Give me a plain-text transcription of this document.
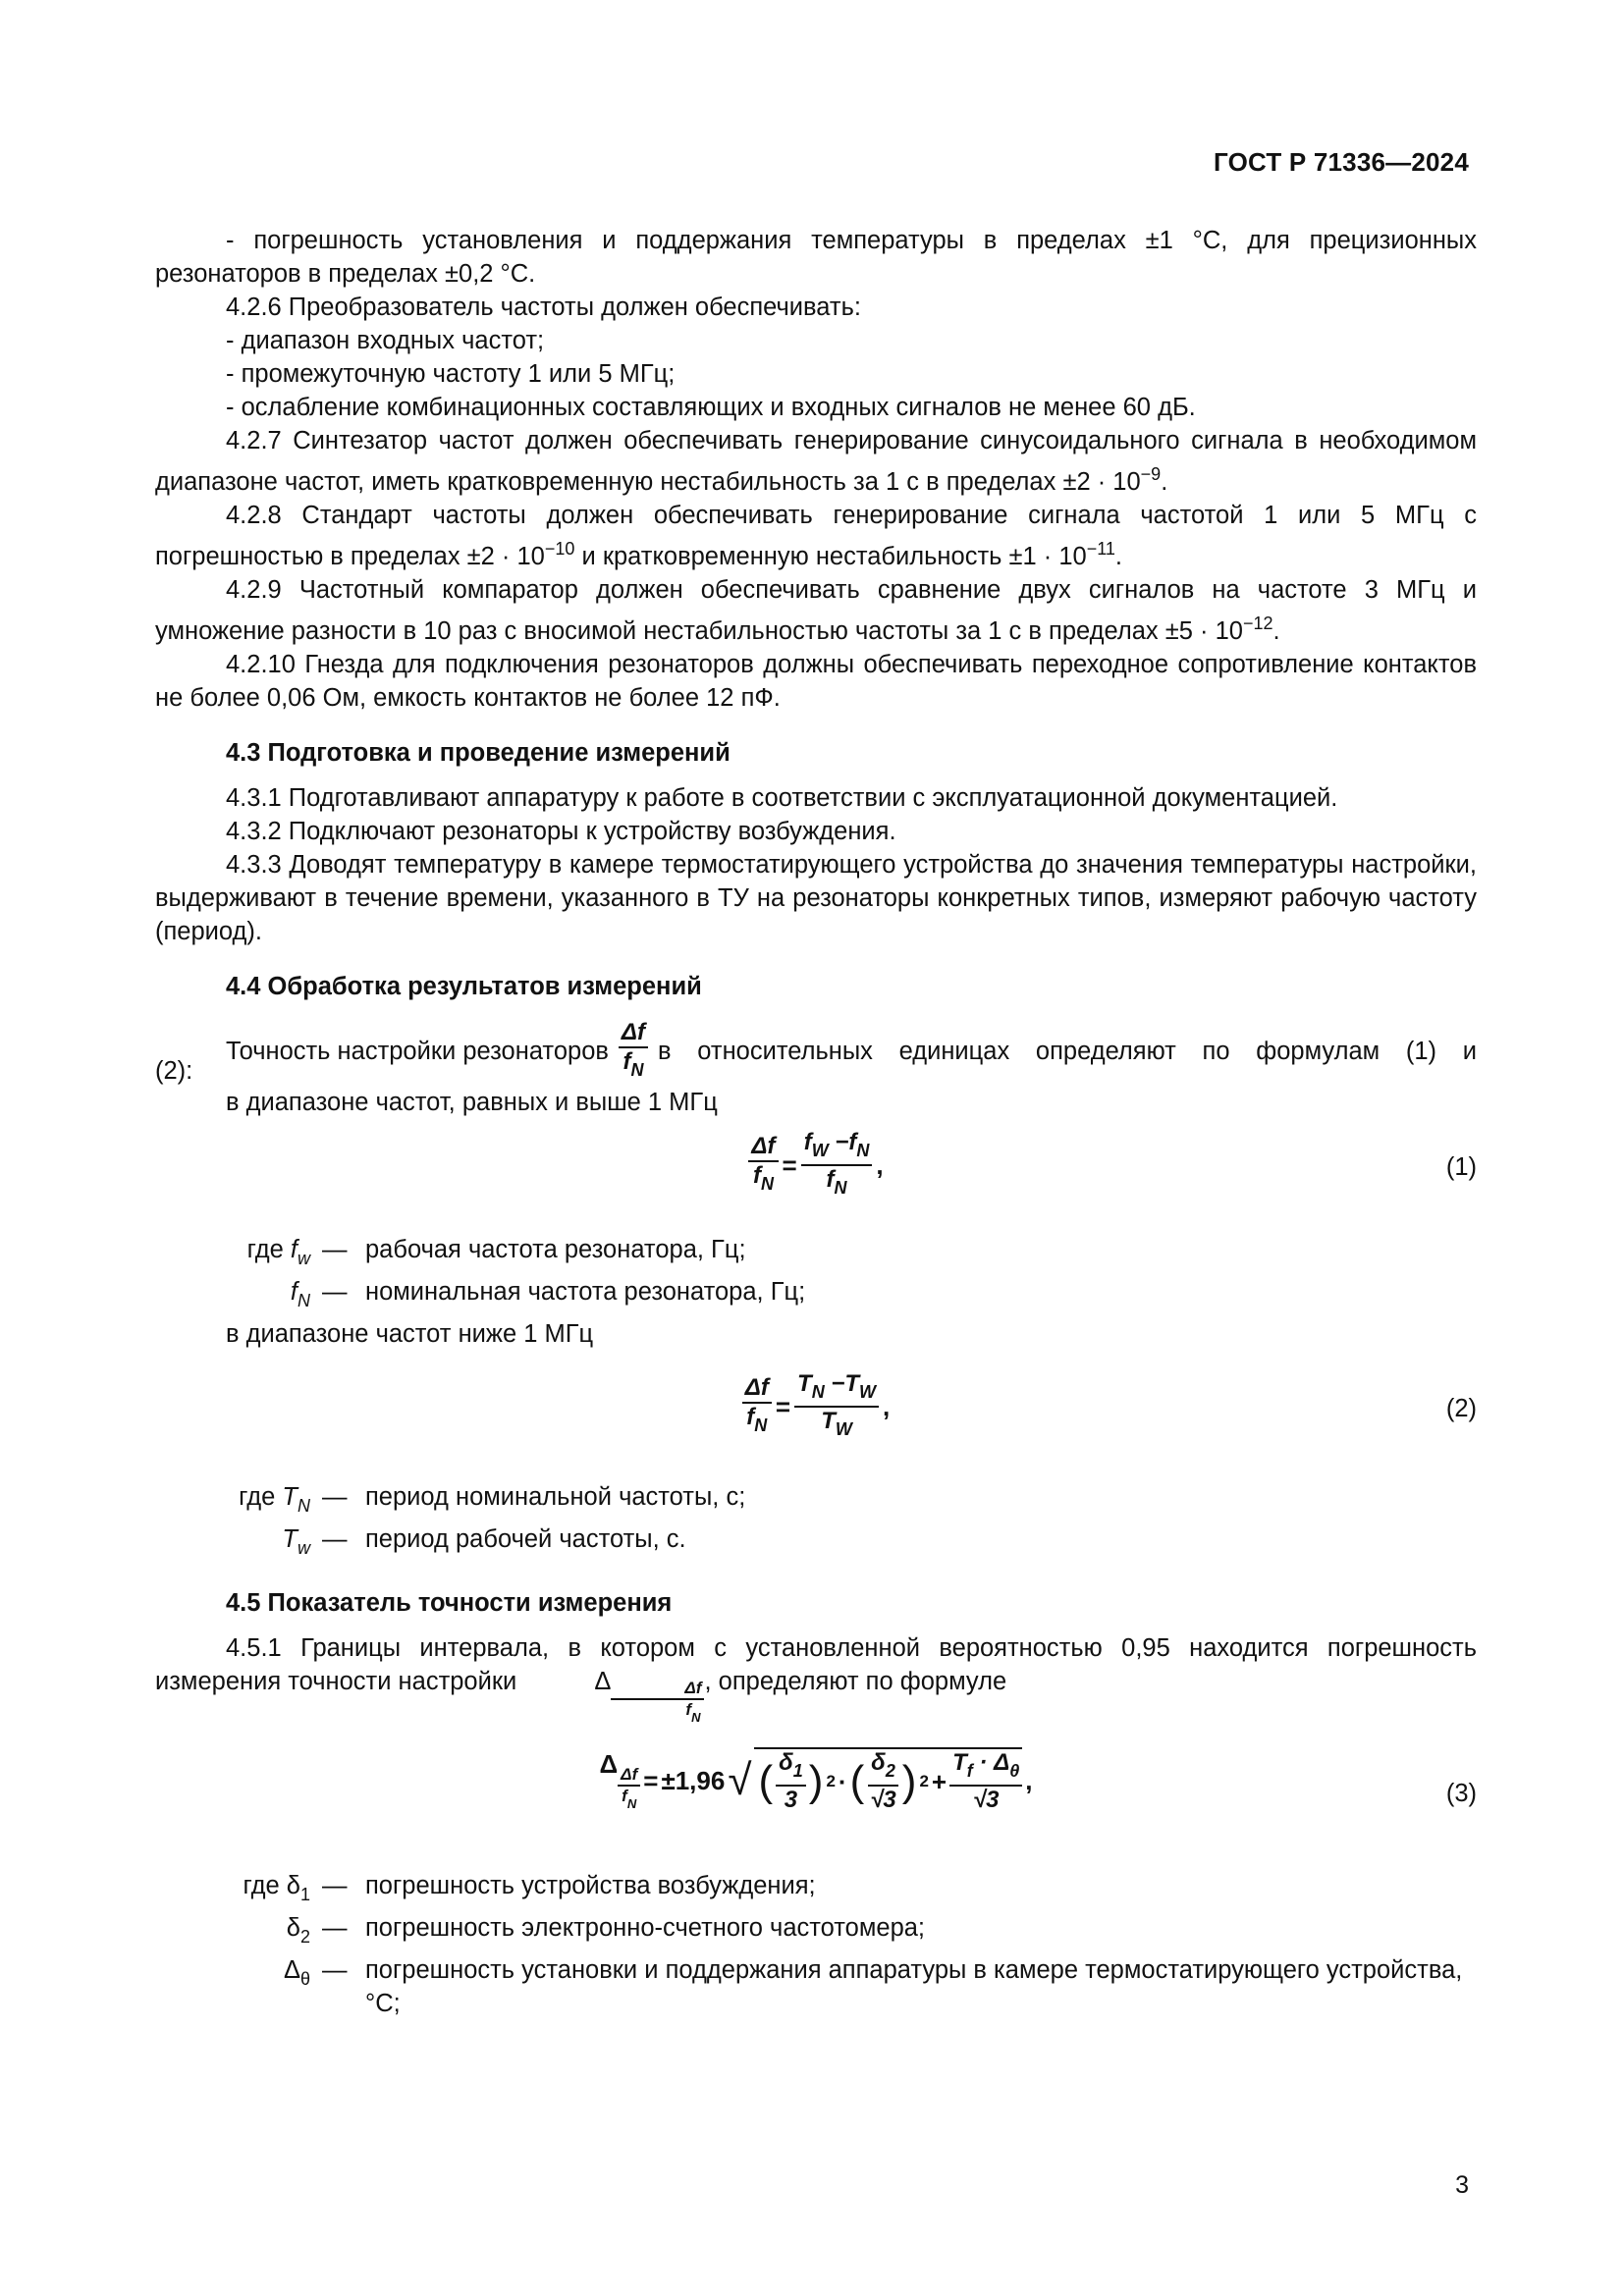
ГОСТ Р 71336—2024

- погрешность установления и поддержания температуры в пределах ±1 °С, для прецизионных резонаторов в пределах ±0,2 °С.

4.2.6 Преобразователь частоты должен обеспечивать:

- диапазон входных частот;

- промежуточную частоту 1 или 5 МГц;

- ослабление комбинационных составляющих и входных сигналов не менее 60 дБ.

4.2.7 Синтезатор частот должен обеспечивать генерирование синусоидального сигнала в необходимом диапазоне частот, иметь кратковременную нестабильность за 1 с в пределах $\pm 2 \cdot 10^{-9}$.

4.2.8 Стандарт частоты должен обеспечивать генерирование сигнала частотой 1 или 5 МГц с погрешностью в пределах $\pm 2 \cdot 10^{-10}$ и кратковременную нестабильность $\pm 1 \cdot 10^{-11}$.

4.2.9 Частотный компаратор должен обеспечивать сравнение двух сигналов на частоте 3 МГц и умножение разности в 10 раз с вносимой нестабильностью частоты за 1 с в пределах $\pm 5 \cdot 10^{-12}$.

4.2.10 Гнезда для подключения резонаторов должны обеспечивать переходное сопротивление контактов не более 0,06 Ом, емкость контактов не более 12 пФ.

4.3 Подготовка и проведение измерений

4.3.1 Подготавливают аппаратуру к работе в соответствии с эксплуатационной документацией.

4.3.2 Подключают резонаторы к устройству возбуждения.

4.3.3 Доводят температуру в камере термостатирующего устройства до значения температуры настройки, выдерживают в течение времени, указанного в ТУ на резонаторы конкретных типов, измеряют рабочую частоту (период).

4.4 Обработка результатов измерений
Точность настройки резонаторов $\frac{\Delta f}{f_N}$ в относительных единицах определяют по формулам (1) и
(2):

в диапазоне частот, равных и выше 1 МГц

$\frac{\Delta f}{f_N} = \frac{f_W -f_N}{f_N}$ ,	(1)
где $f_w$ — рабочая частота резонатора, Гц;
$f_N$ — номинальная частота резонатора, Гц;

в диапазоне частот ниже 1 МГц

$\frac{\Delta f}{f_N} = \frac{T_N -T_W}{T_W}$ ,	(2)
где $T_N$ — период номинальной частоты, с;
$T_w$ — период рабочей частоты, с.
4.5 Показатель точности измерения

4.5.1 Границы интервала, в котором с установленной вероятностью 0,95 находится погрешность измерения точности настройки	Δ $\frac{\Delta f}{f_N}$ , определяют по формуле

Δ
$\frac{\Delta f}{f_N} = \pm 1,96$ √ ( $\frac{\delta_1}{3}$ ) 2 · ( $\frac{\delta_2}{√3}$ ) $2 + \frac{T_f \cdot \Delta_\theta}{√3}$ ,	(3)
где $\delta_1$ — погрешность устройства возбуждения;
$\delta_2$ — погрешность электронно-счетного частотомера;
$\Delta_\theta$ — погрешность установки и поддержания аппаратуры в камере термостатирующего устройства, °С;
3
